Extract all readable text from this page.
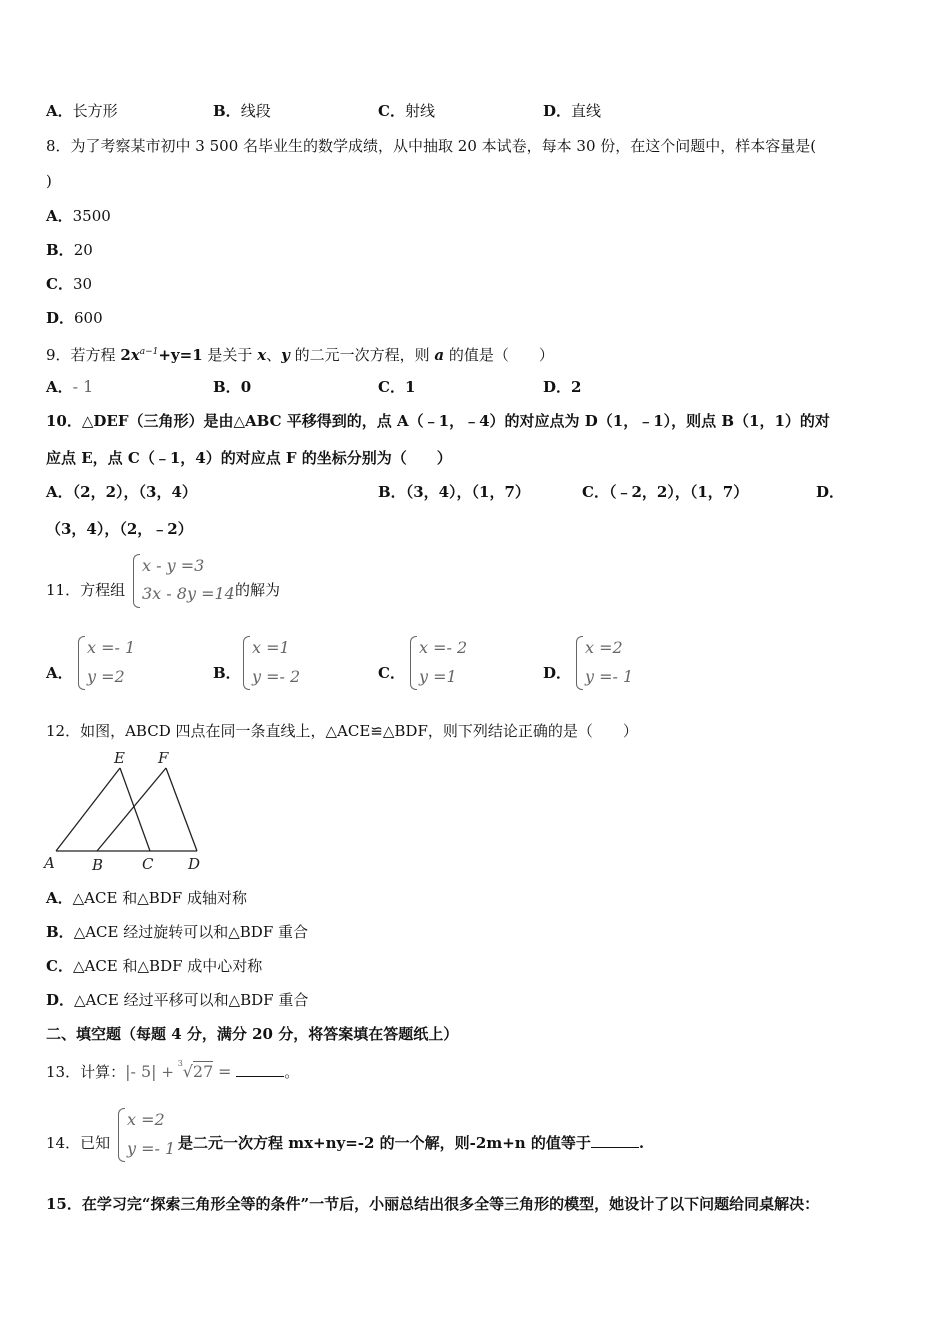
A．长方形	B．线段	C．射线	D．直线
8．为了考察某市初中 3 500 名毕业生的数学成绩，从中抽取 20 本试卷，每本 30 份，在这个问题中，样本容量是(
)
A．3500
B．20
C．30
D．600
9．若方程 $2x^{a-1}+y=1$ 是关于 x、y 的二元一次方程，则 a 的值是（　　）
A．- 1	B．0	C．1	D．2
10．△DEF（三角形）是由△ABC 平移得到的，点 A（﹣1，﹣4）的对应点为 D（1，﹣1），则点 B（1，1）的对
应点 E，点 C（﹣1，4）的对应点 F 的坐标分别为（　　）
A．（2，2），（3，4）	B．（3，4），（1，7）	C．（﹣2，2），（1，7）	D．
（3，4），（2，﹣2）
11．方程组
x - y =3
3x - 8y =14 的解为
A．
x =- 1
y =2	B．
x =1
y =- 2	C．
x =- 2
y =1	D．
x =2
y =- 1
12．如图，ABCD 四点在同一条直线上，△ACE≌△BDF，则下列结论正确的是（　　）
E F
A B	C D
A．△ACE 和△BDF 成轴对称
B．△ACE 经过旋转可以和△BDF 重合
C．△ACE 和△BDF 成中心对称
D．△ACE 经过平移可以和△BDF 重合
二、填空题（每题 4 分，满分 20 分，将答案填在答题纸上）
13．计算：|- 5| + 3 √27 =	。
14．已知
x =2
y =- 1 是二元一次方程 mx+ny=-2 的一个解，则-2m+n 的值等于	.
15．在学习完“探索三角形全等的条件”一节后，小丽总结出很多全等三角形的模型，她设计了以下问题给同桌解决：
